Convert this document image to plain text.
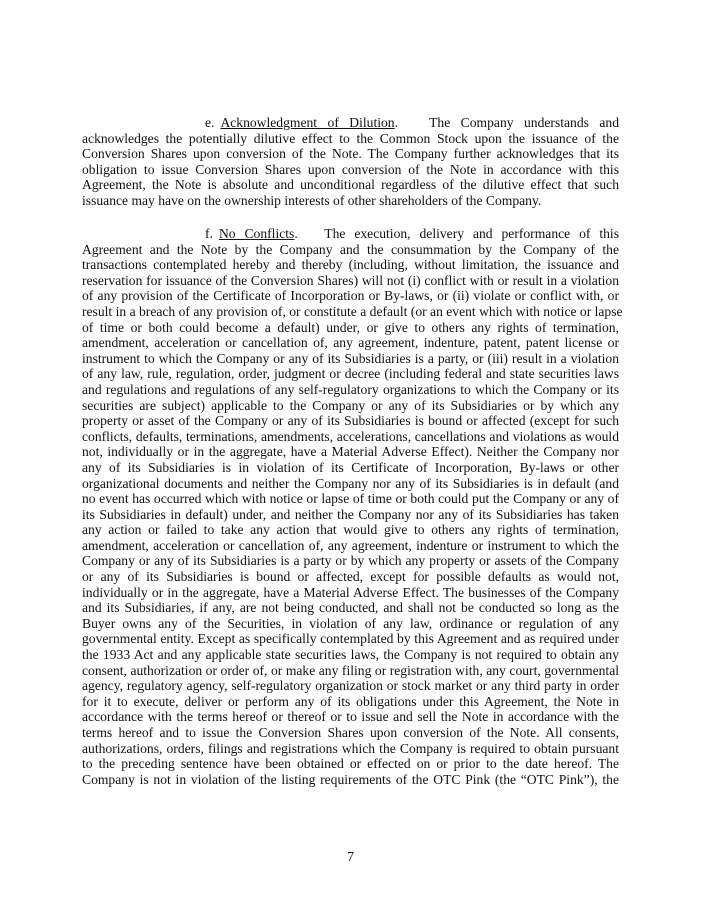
e. Acknowledgment of Dilution. The Company understands and
acknowledges the potentially dilutive effect to the Common Stock upon the issuance of the
Conversion Shares upon conversion of the Note. The Company further acknowledges that its
obligation to issue Conversion Shares upon conversion of the Note in accordance with this
Agreement, the Note is absolute and unconditional regardless of the dilutive effect that such
issuance may have on the ownership interests of other shareholders of the Company.
f. No Conflicts. The execution, delivery and performance of this
Agreement and the Note by the Company and the consummation by the Company of the
transactions contemplated hereby and thereby (including, without limitation, the issuance and
reservation for issuance of the Conversion Shares) will not (i) conflict with or result in a violation
of any provision of the Certificate of Incorporation or By-laws, or (ii) violate or conflict with, or
result in a breach of any provision of, or constitute a default (or an event which with notice or lapse
of time or both could become a default) under, or give to others any rights of termination,
amendment, acceleration or cancellation of, any agreement, indenture, patent, patent license or
instrument to which the Company or any of its Subsidiaries is a party, or (iii) result in a violation
of any law, rule, regulation, order, judgment or decree (including federal and state securities laws
and regulations and regulations of any self-regulatory organizations to which the Company or its
securities are subject) applicable to the Company or any of its Subsidiaries or by which any
property or asset of the Company or any of its Subsidiaries is bound or affected (except for such
conflicts, defaults, terminations, amendments, accelerations, cancellations and violations as would
not, individually or in the aggregate, have a Material Adverse Effect). Neither the Company nor
any of its Subsidiaries is in violation of its Certificate of Incorporation, By-laws or other
organizational documents and neither the Company nor any of its Subsidiaries is in default (and
no event has occurred which with notice or lapse of time or both could put the Company or any of
its Subsidiaries in default) under, and neither the Company nor any of its Subsidiaries has taken
any action or failed to take any action that would give to others any rights of termination,
amendment, acceleration or cancellation of, any agreement, indenture or instrument to which the
Company or any of its Subsidiaries is a party or by which any property or assets of the Company
or any of its Subsidiaries is bound or affected, except for possible defaults as would not,
individually or in the aggregate, have a Material Adverse Effect. The businesses of the Company
and its Subsidiaries, if any, are not being conducted, and shall not be conducted so long as the
Buyer owns any of the Securities, in violation of any law, ordinance or regulation of any
governmental entity. Except as specifically contemplated by this Agreement and as required under
the 1933 Act and any applicable state securities laws, the Company is not required to obtain any
consent, authorization or order of, or make any filing or registration with, any court, governmental
agency, regulatory agency, self-regulatory organization or stock market or any third party in order
for it to execute, deliver or perform any of its obligations under this Agreement, the Note in
accordance with the terms hereof or thereof or to issue and sell the Note in accordance with the
terms hereof and to issue the Conversion Shares upon conversion of the Note. All consents,
authorizations, orders, filings and registrations which the Company is required to obtain pursuant
to the preceding sentence have been obtained or effected on or prior to the date hereof. The
Company is not in violation of the listing requirements of the OTC Pink (the “OTC Pink”), the
7
